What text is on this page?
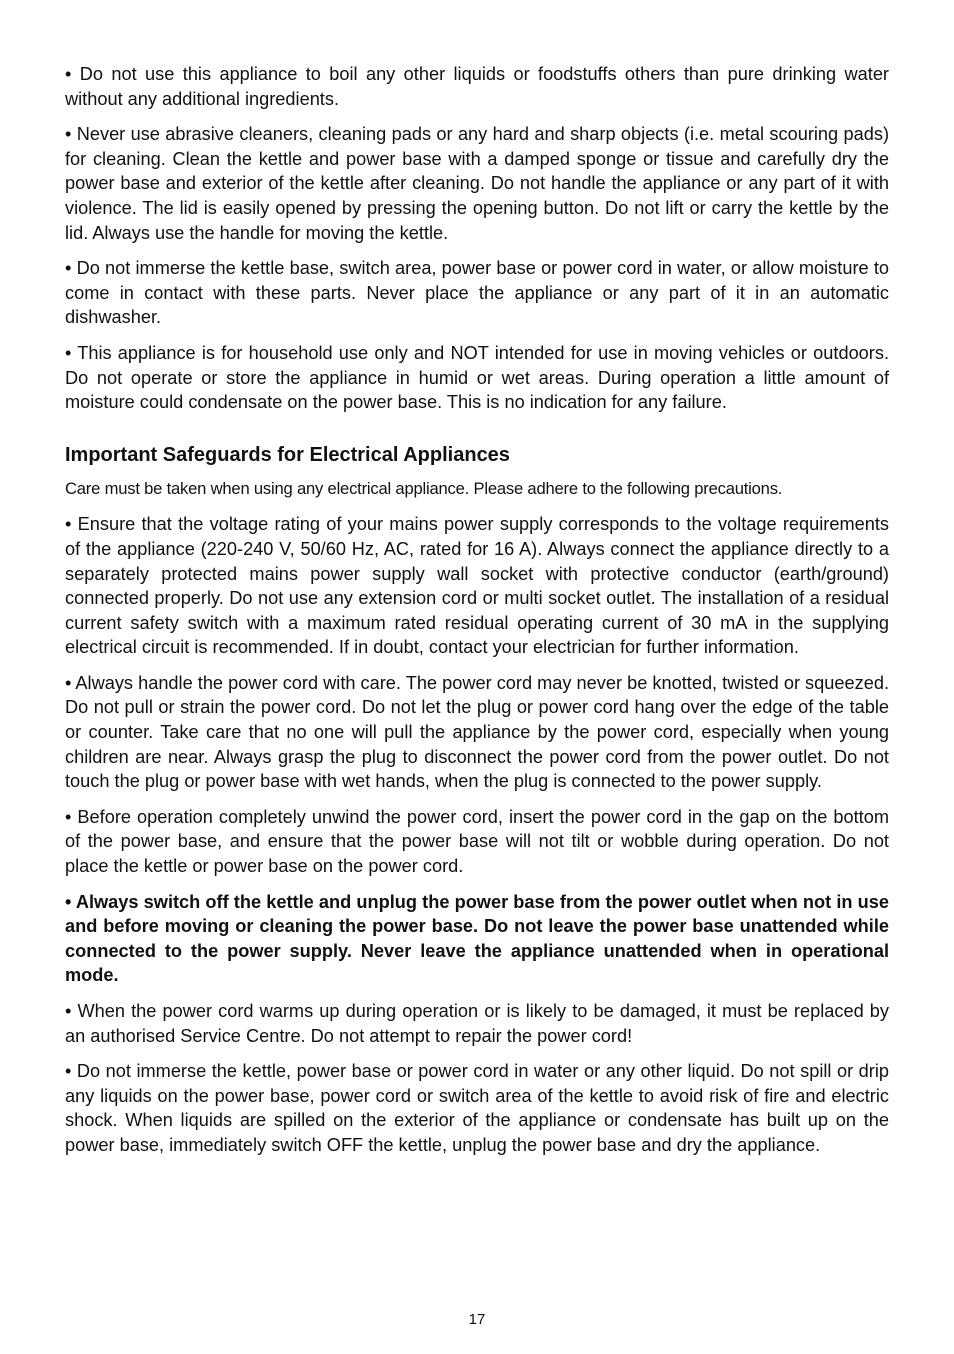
• Do not use this appliance to boil any other liquids or foodstuffs others than pure drinking water without any additional ingredients.

• Never use abrasive cleaners, cleaning pads or any hard and sharp objects (i.e. metal scouring pads) for cleaning. Clean the kettle and power base with a damped sponge or tissue and carefully dry the power base and exterior of the kettle after cleaning. Do not handle the appliance or any part of it with violence. The lid is easily opened by pressing the opening button. Do not lift or carry the kettle by the lid. Always use the handle for moving the kettle.

• Do not immerse the kettle base, switch area, power base or power cord in water, or allow moisture to come in contact with these parts. Never place the appliance or any part of it in an automatic dishwasher.

• This appliance is for household use only and NOT intended for use in moving vehicles or outdoors. Do not operate or store the appliance in humid or wet areas. During operation a little amount of moisture could condensate on the power base. This is no indication for any failure.

Important Safeguards for Electrical Appliances

Care must be taken when using any electrical appliance. Please adhere to the following precautions.

• Ensure that the voltage rating of your mains power supply corresponds to the voltage requirements of the appliance (220-240 V, 50/60 Hz, AC, rated for 16 A). Always connect the appliance directly to a separately protected mains power supply wall socket with protective conductor (earth/ground) connected properly. Do not use any extension cord or multi socket outlet. The installation of a residual current safety switch with a maximum rated residual operating current of 30 mA in the supplying electrical circuit is recommended. If in doubt, contact your electrician for further information.

• Always handle the power cord with care. The power cord may never be knotted, twisted or squeezed. Do not pull or strain the power cord. Do not let the plug or power cord hang over the edge of the table or counter. Take care that no one will pull the appliance by the power cord, especially when young children are near. Always grasp the plug to disconnect the power cord from the power outlet. Do not touch the plug or power base with wet hands, when the plug is connected to the power supply.

• Before operation completely unwind the power cord, insert the power cord in the gap on the bottom of the power base, and ensure that the power base will not tilt or wobble during operation. Do not place the kettle or power base on the power cord.

• Always switch off the kettle and unplug the power base from the power outlet when not in use and before moving or cleaning the power base. Do not leave the power base unattended while connected to the power supply. Never leave the appliance unattended when in operational mode.

• When the power cord warms up during operation or is likely to be damaged, it must be replaced by an authorised Service Centre. Do not attempt to repair the power cord!

• Do not immerse the kettle, power base or power cord in water or any other liquid. Do not spill or drip any liquids on the power base, power cord or switch area of the kettle to avoid risk of fire and electric shock. When liquids are spilled on the exterior of the appliance or condensate has built up on the power base, immediately switch OFF the kettle, unplug the power base and dry the appliance.

17
